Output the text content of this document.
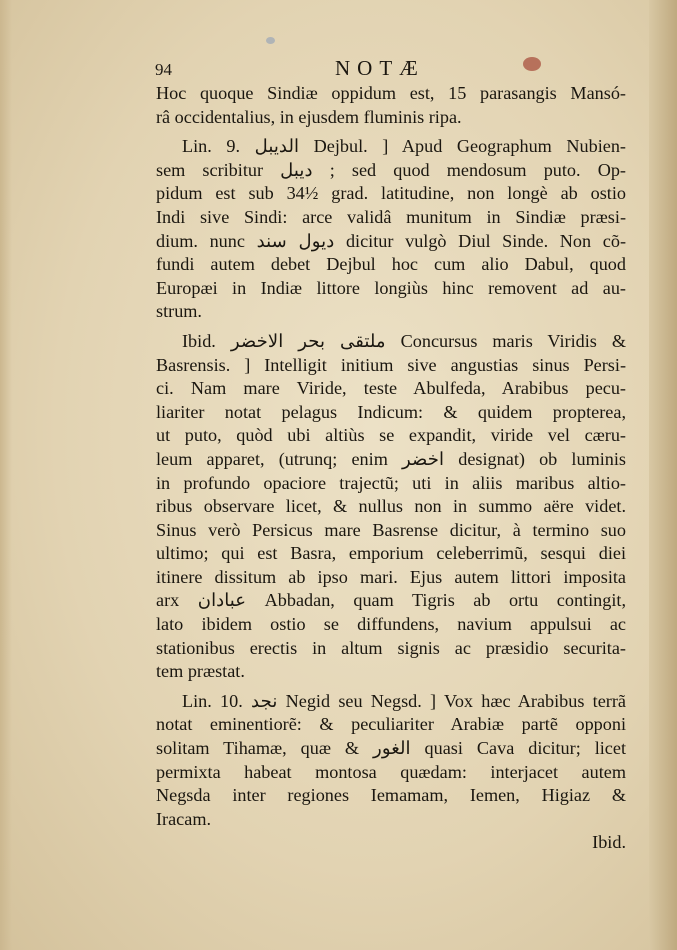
94	NOTÆ
Hoc quoque Sindiæ oppidum est, 15 parasangis Mansó-
râ occidentalius, in ejusdem fluminis ripa.
Lin. 9. الديبل Dejbul. ] Apud Geographum Nubien-
sem scribitur ديبل ; sed quod mendosum puto. Op-
pidum est sub 34½ grad. latitudine, non longè ab ostio
Indi sive Sindi: arce validâ munitum in Sindiæ præsi-
dium. nunc ديول سند dicitur vulgò Diul Sinde. Non cõ-
fundi autem debet Dejbul hoc cum alio Dabul, quod
Europæi in Indiæ littore longiùs hinc removent ad au-
strum.
Ibid. ملتقى بحر الاخضر Concursus maris Viridis &
Basrensis. ] Intelligit initium sive angustias sinus Persi-
ci. Nam mare Viride, teste Abulfeda, Arabibus pecu-
liariter notat pelagus Indicum: & quidem propterea,
ut puto, quòd ubi altiùs se expandit, viride vel cæru-
leum apparet, (utrunq; enim اخضر designat) ob luminis
in profundo opaciore trajectũ; uti in aliis maribus altio-
ribus observare licet, & nullus non in summo aëre videt.
Sinus verò Persicus mare Basrense dicitur, à termino suo
ultimo; qui est Basra, emporium celeberrimũ, sesqui diei
itinere dissitum ab ipso mari. Ejus autem littori imposita
arx عبادان Abbadan, quam Tigris ab ortu contingit,
lato ibidem ostio se diffundens, navium appulsui ac
stationibus erectis in altum signis ac præsidio securita-
tem præstat.
Lin. 10. نجد Negid seu Negsd. ] Vox hæc Arabibus terrã
notat eminentiorẽ: & peculiariter Arabiæ partẽ opponi
solitam Tihamæ, quæ & الغور quasi Cava dicitur; licet
permixta habeat montosa quædam: interjacet autem
Negsda inter regiones Iemamam, Iemen, Higiaz &
Iracam.
Ibid.
